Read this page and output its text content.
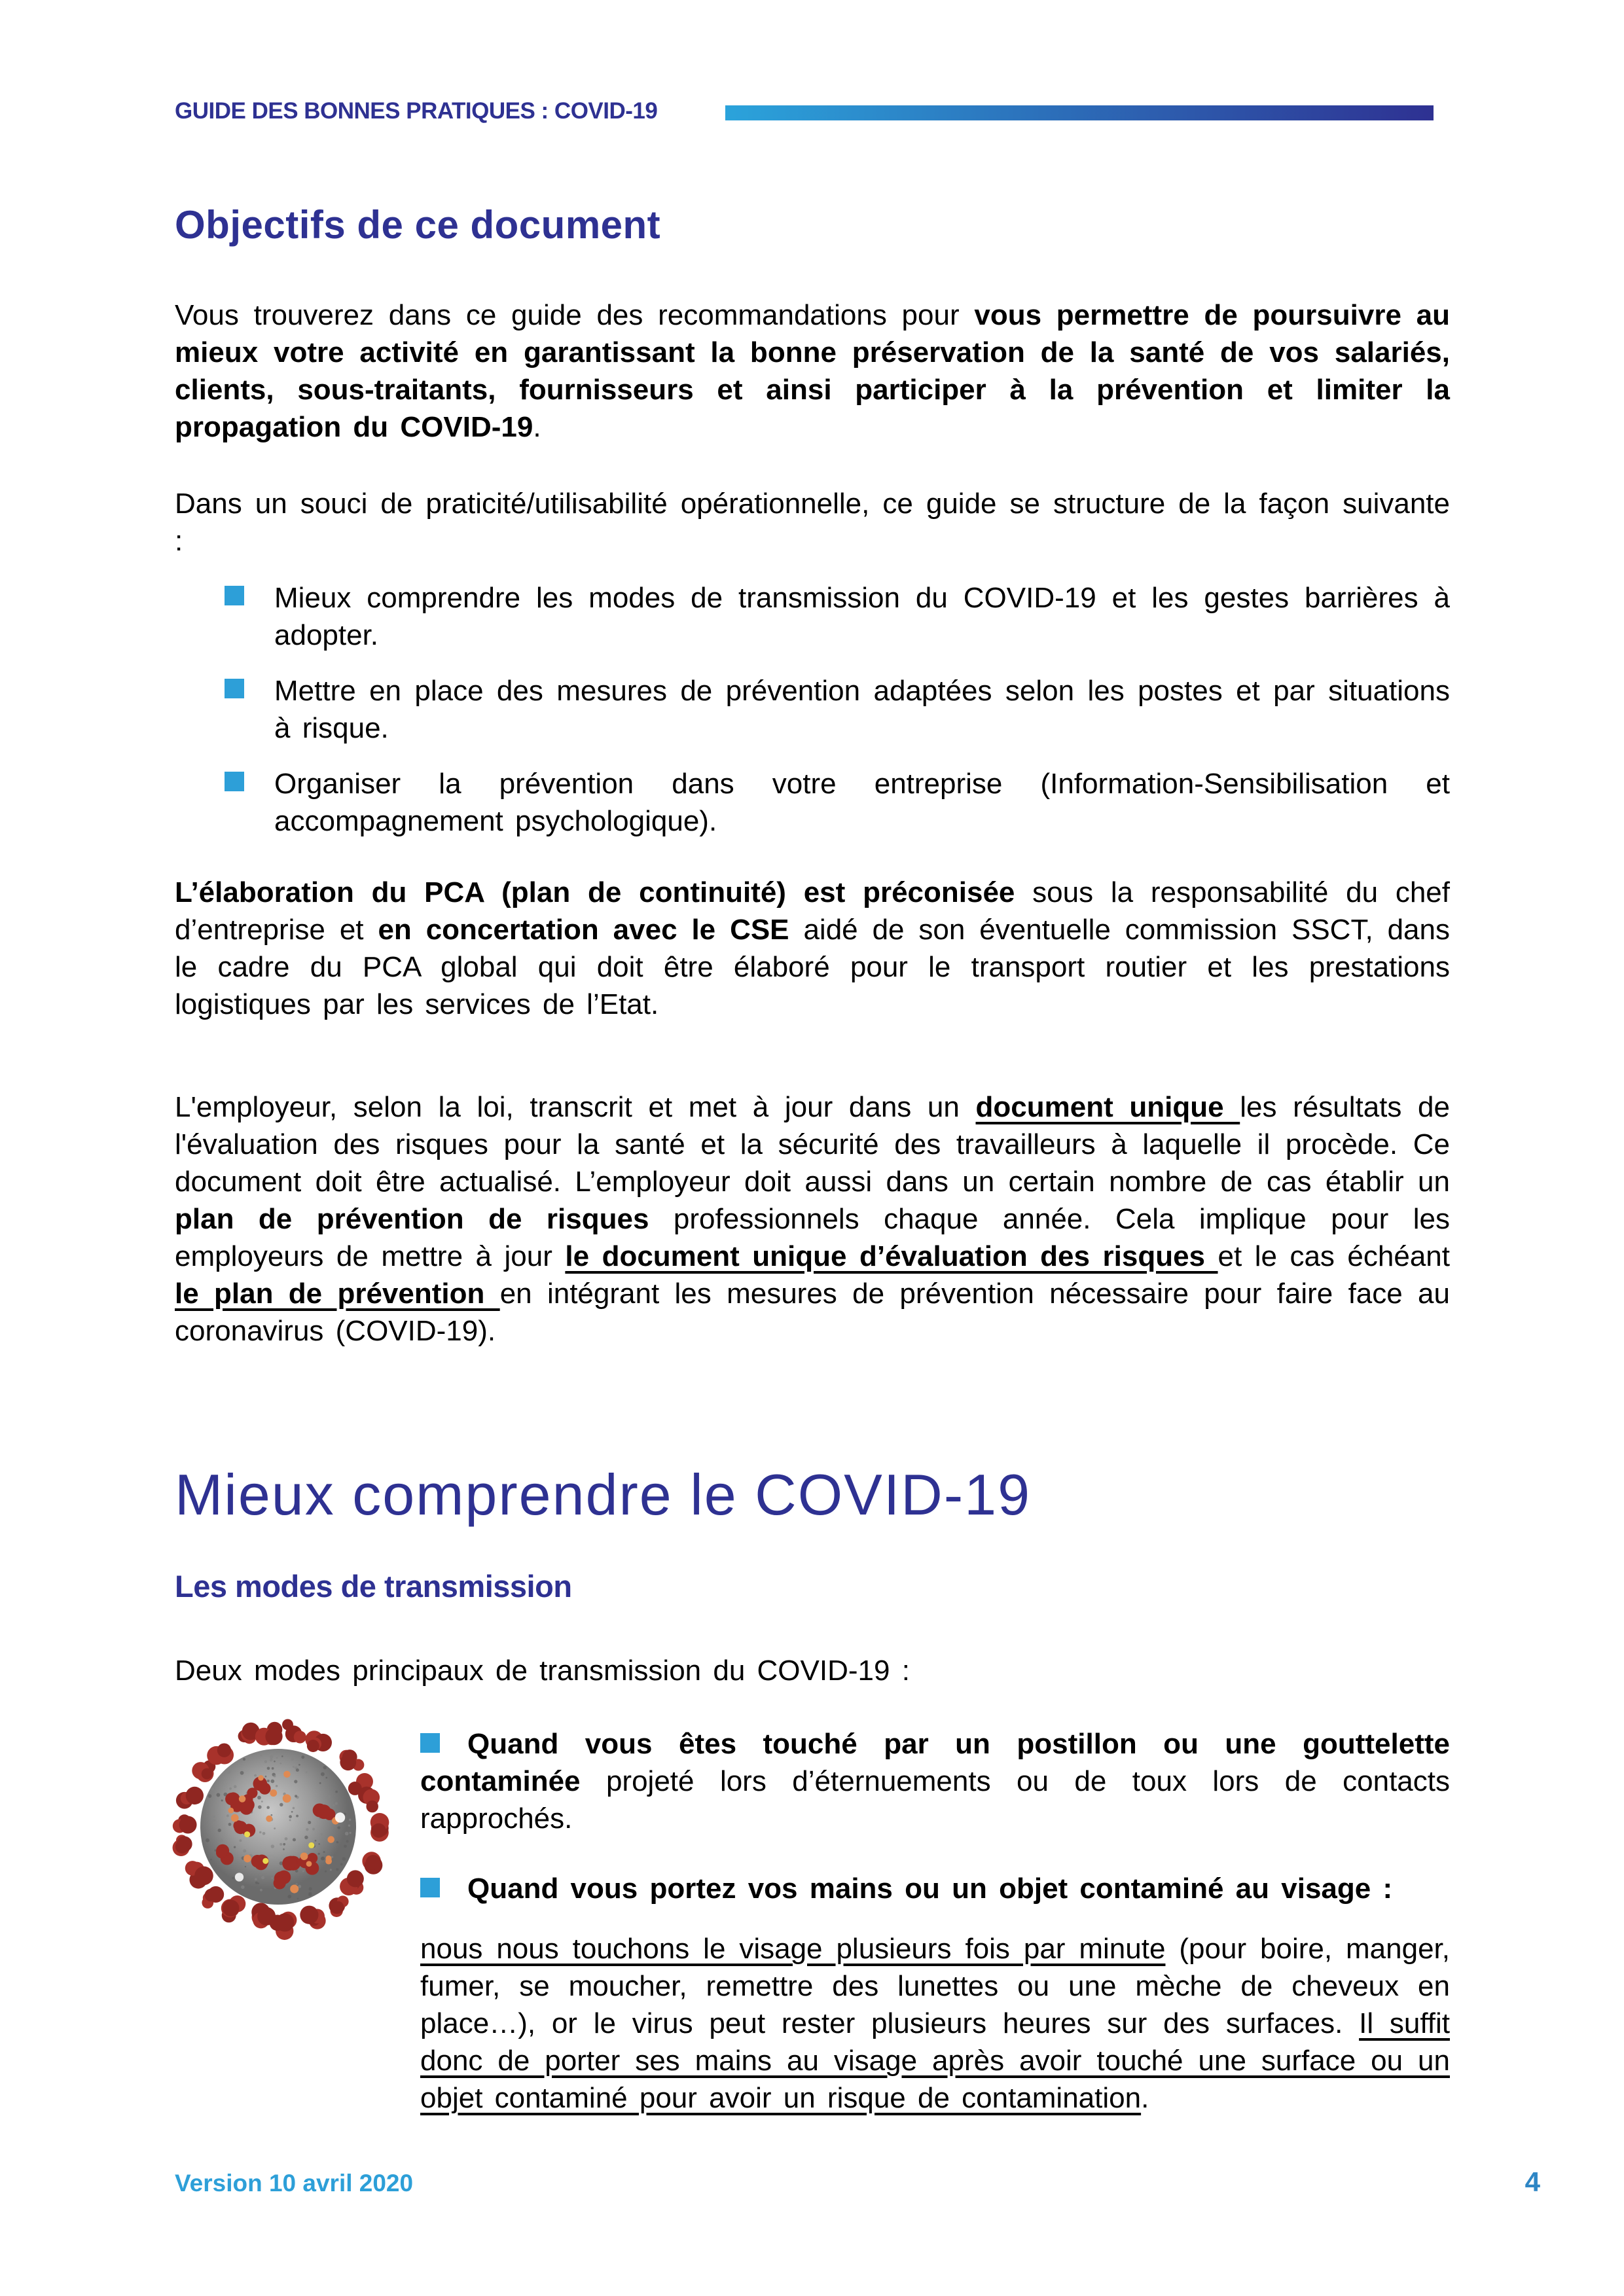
GUIDE DES BONNES PRATIQUES : COVID-19
Objectifs de ce document

Vous trouverez dans ce guide des recommandations pour vous permettre de poursuivre au mieux votre activité en garantissant la bonne préservation de la santé de vos salariés, clients, sous-traitants, fournisseurs et ainsi participer à la prévention et limiter la propagation du COVID-19.

Dans un souci de praticité/utilisabilité opérationnelle, ce guide se structure de la façon suivante :

Mieux comprendre les modes de transmission du COVID-19 et les gestes barrières à adopter.

Mettre en place des mesures de prévention adaptées selon les postes et par situations à risque.

Organiser la prévention dans votre entreprise (Information-Sensibilisation et accompagnement psychologique).

L’élaboration du PCA (plan de continuité) est préconisée sous la responsabilité du chef d’entreprise et en concertation avec le CSE aidé de son éventuelle commission SSCT, dans le cadre du PCA global qui doit être élaboré pour le transport routier et les prestations logistiques par les services de l’Etat.

L'employeur, selon la loi, transcrit et met à jour dans un document unique les résultats de l'évaluation des risques pour la santé et la sécurité des travailleurs à laquelle il procède. Ce document doit être actualisé. L’employeur doit aussi dans un certain nombre de cas établir un plan de prévention de risques professionnels chaque année. Cela implique pour les employeurs de mettre à jour le document unique d’évaluation des risques et le cas échéant le plan de prévention en intégrant les mesures de prévention nécessaire pour faire face au coronavirus (COVID-19).

Mieux comprendre le COVID-19
Les modes de transmission

Deux modes principaux de transmission du COVID-19 :

Quand vous êtes touché par un postillon ou une gouttelette contaminée projeté lors d’éternuements ou de toux lors de contacts rapprochés.

Quand vous portez vos mains ou un objet contaminé au visage :

nous nous touchons le visage plusieurs fois par minute (pour boire, manger, fumer, se moucher, remettre des lunettes ou une mèche de cheveux en place…), or le virus peut rester plusieurs heures sur des surfaces. Il suffit donc de porter ses mains au visage après avoir touché une surface ou un objet contaminé pour avoir un risque de contamination.

Version 10 avril 2020	4
